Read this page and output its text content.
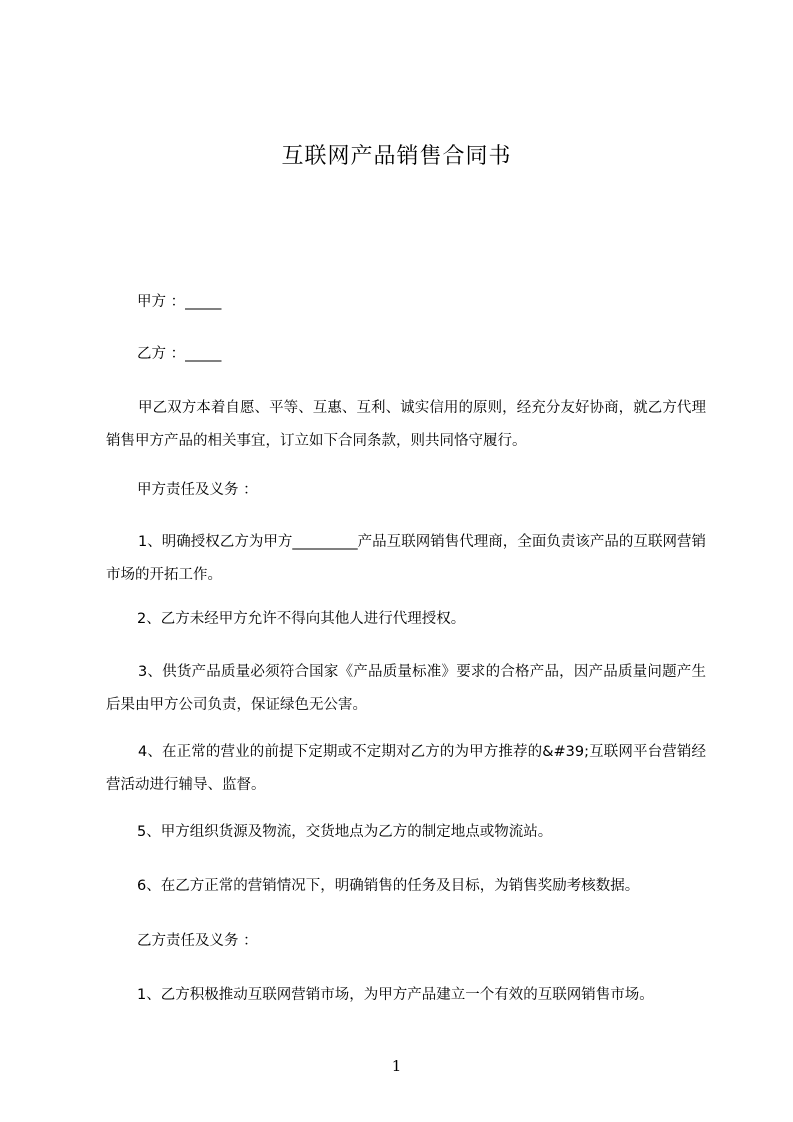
互联网产品销售合同书

甲方 ：_____

乙方 ：_____

甲乙双方本着自愿、平等、互惠、互利、诚实信用的原则，经充分友好协商，就乙方代理销售甲方产品的相关事宜，订立如下合同条款，则共同恪守履行。

甲方责任及义务 ：

1、明确授权乙方为甲方_________产品互联网销售代理商，全面负责该产品的互联网营销市场的开拓工作。

2、乙方未经甲方允许不得向其他人进行代理授权。

3、供货产品质量必须符合国家《产品质量标准》要求的合格产品，因产品质量问题产生后果由甲方公司负责，保证绿色无公害。

4、在正常的营业的前提下定期或不定期对乙方的为甲方推荐的&#39;互联网平台营销经营活动进行辅导、监督。

5、甲方组织货源及物流，交货地点为乙方的制定地点或物流站。

6、在乙方正常的营销情况下，明确销售的任务及目标，为销售奖励考核数据。

乙方责任及义务 ：

1、乙方积极推动互联网营销市场，为甲方产品建立一个有效的互联网销售市场。

1
